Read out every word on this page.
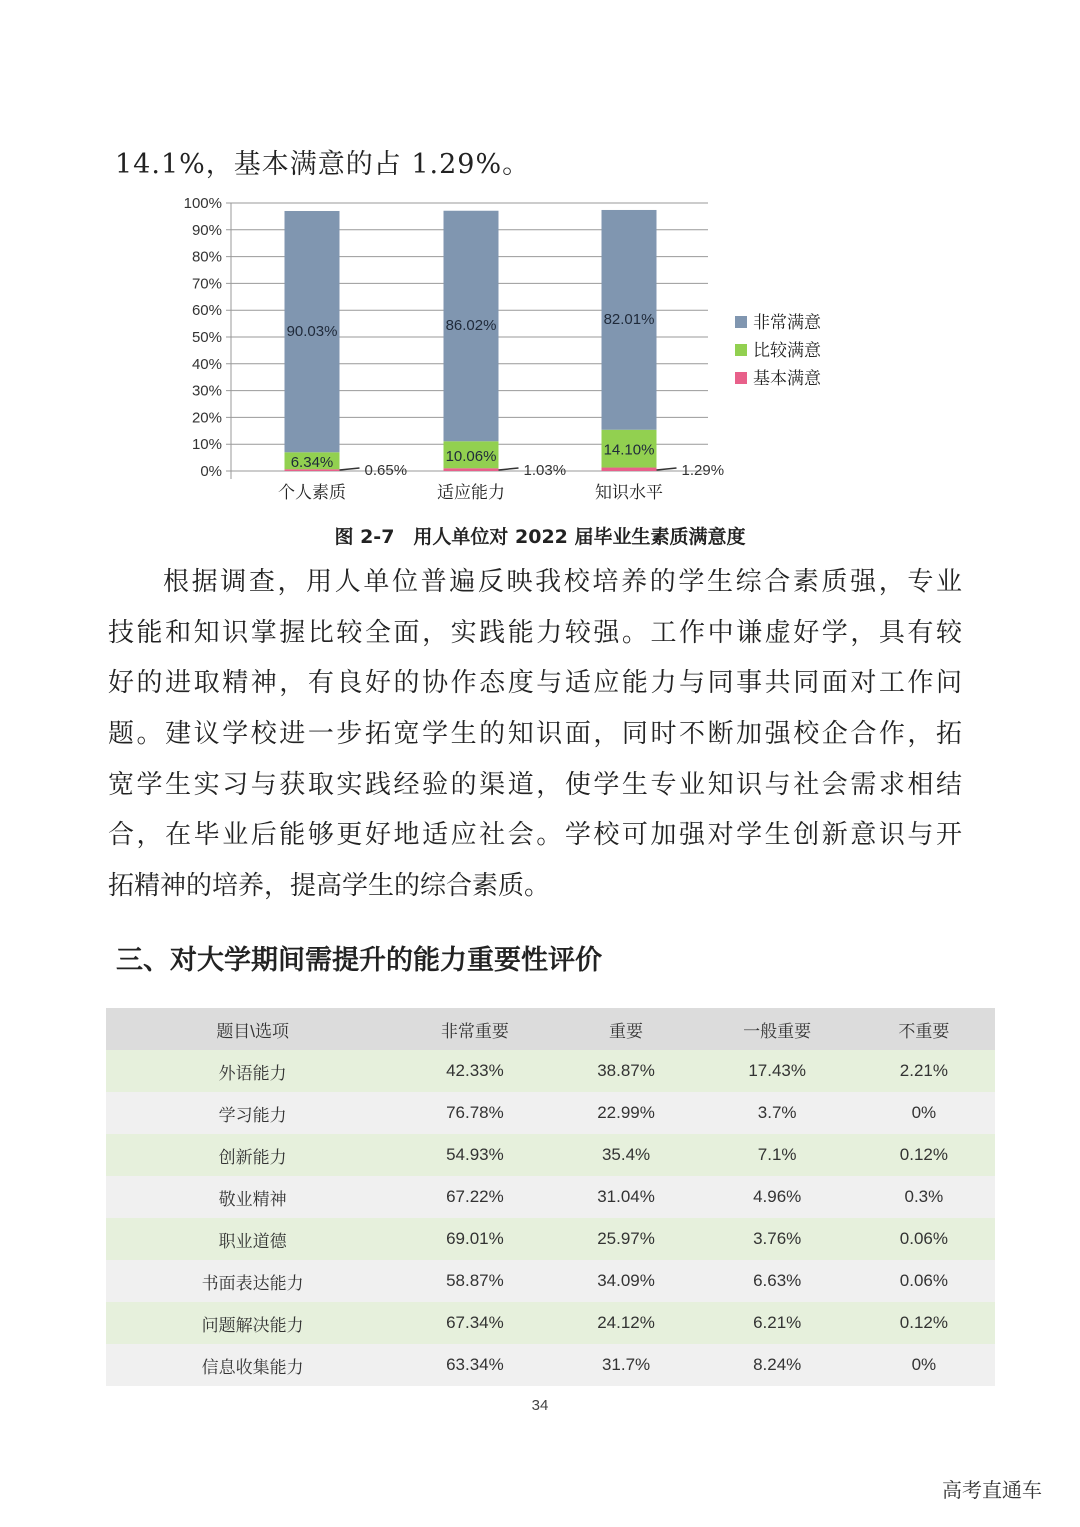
14.1%，基本满意的占 1.29%。
0%
10%
20%
30%
40%
50%
60%
70%
80%
90%
100%
0.65%
6.34%
90.03%
个人素质
1.03%
10.06%
86.02%
适应能力
1.29%
14.10%
82.01%
知识水平
非常满意
比较满意
基本满意
图 2-7　用人单位对 2022 届毕业生素质满意度
根据调查，用人单位普遍反映我校培养的学生综合素质强，专业
技能和知识掌握比较全面，实践能力较强。工作中谦虚好学，具有较
好的进取精神，有良好的协作态度与适应能力与同事共同面对工作问
题。建议学校进一步拓宽学生的知识面，同时不断加强校企合作，拓
宽学生实习与获取实践经验的渠道，使学生专业知识与社会需求相结
合，在毕业后能够更好地适应社会。学校可加强对学生创新意识与开
拓精神的培养，提高学生的综合素质。
三、对大学期间需提升的能力重要性评价
题目\选项	非常重要	重要	一般重要	不重要
外语能力	42.33%	38.87%	17.43%	2.21%
学习能力	76.78%	22.99%	3.7%	0%
创新能力	54.93%	35.4%	7.1%	0.12%
敬业精神	67.22%	31.04%	4.96%	0.3%
职业道德	69.01%	25.97%	3.76%	0.06%
书面表达能力	58.87%	34.09%	6.63%	0.06%
问题解决能力	67.34%	24.12%	6.21%	0.12%
信息收集能力	63.34%	31.7%	8.24%	0%
34
高考直通车
